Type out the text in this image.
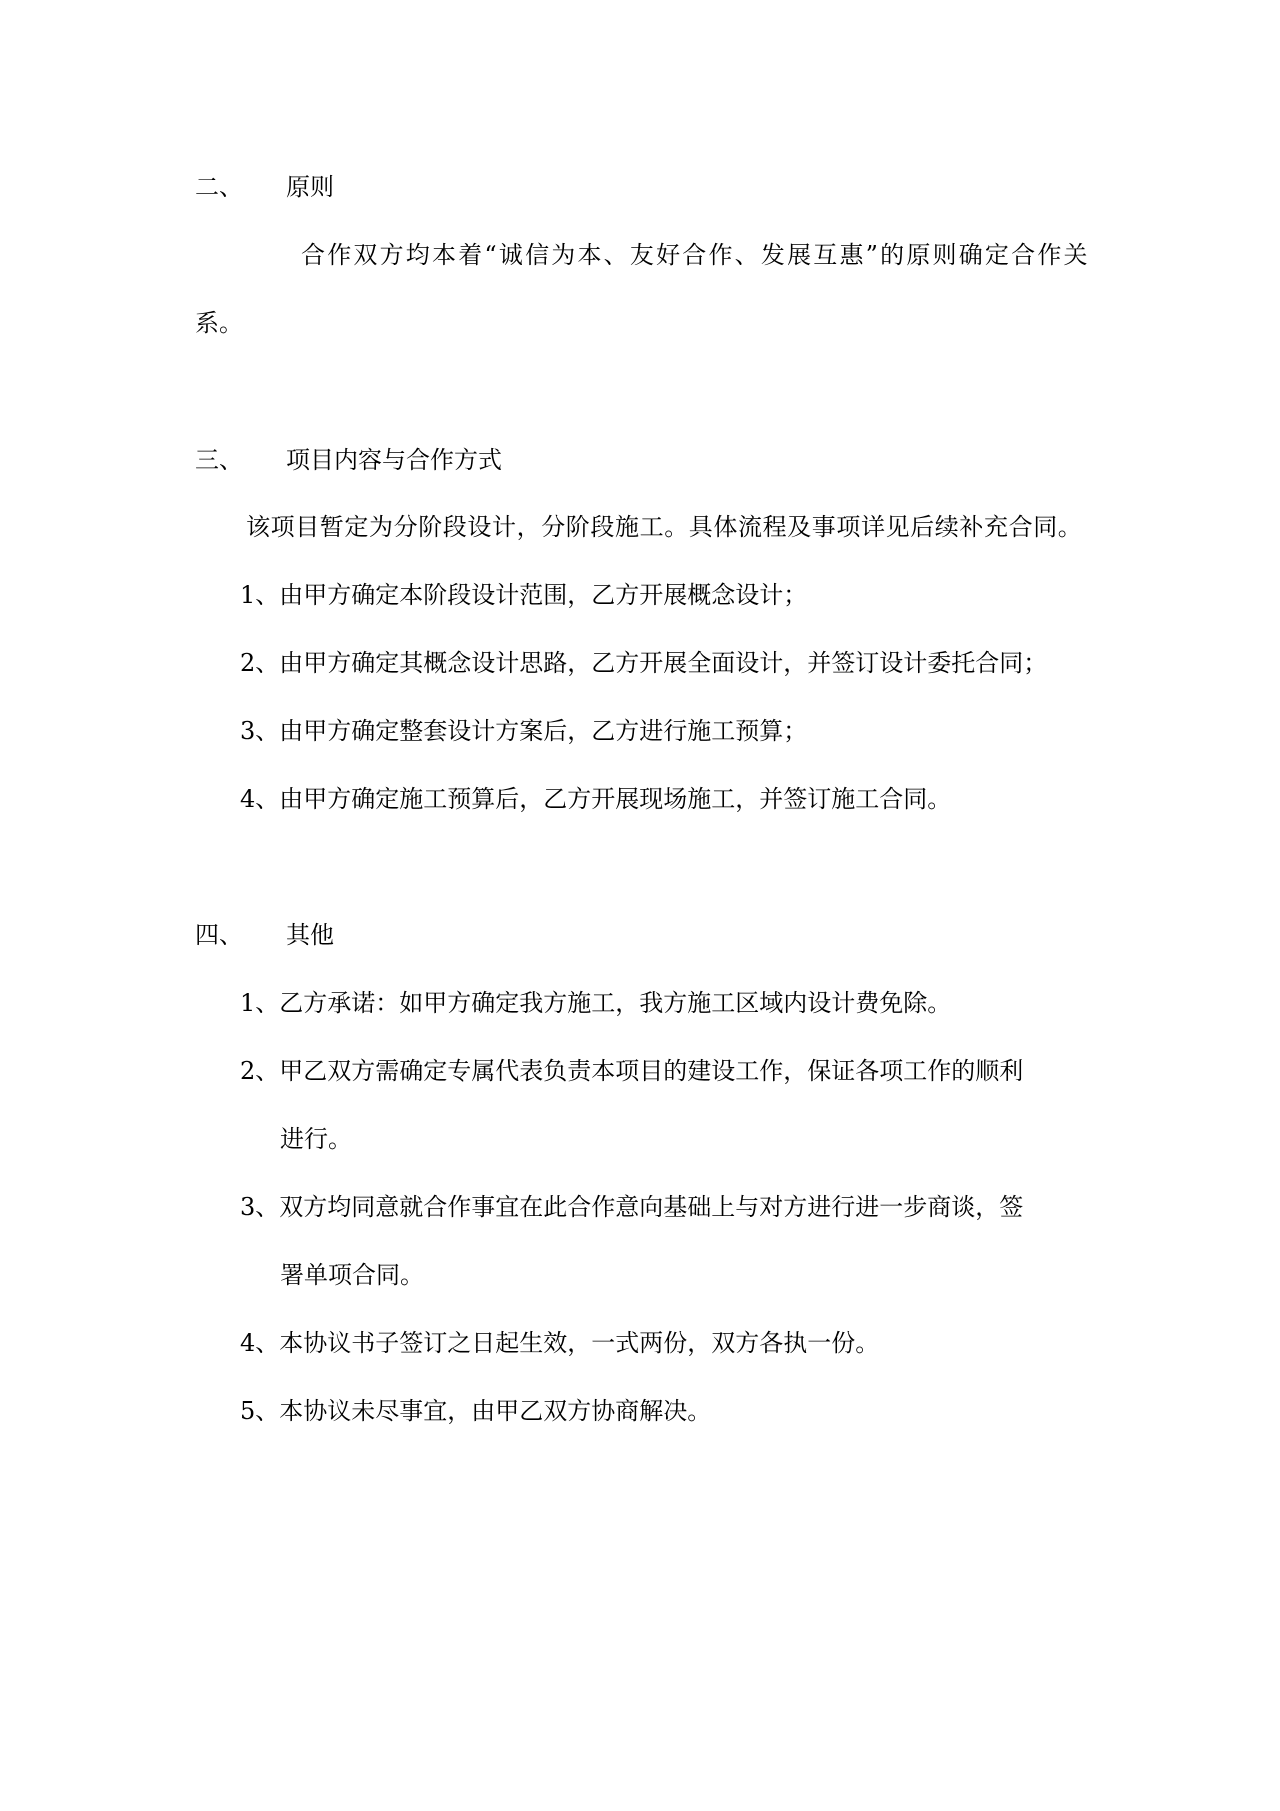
二、 原则
合作双方均本着“诚信为本、友好合作、发展互惠”的原则确定合作关
系。
三、 项目内容与合作方式
该项目暂定为分阶段设计，分阶段施工。具体流程及事项详见后续补充合同。
1、由甲方确定本阶段设计范围，乙方开展概念设计；
2、由甲方确定其概念设计思路，乙方开展全面设计，并签订设计委托合同；
3、由甲方确定整套设计方案后，乙方进行施工预算；
4、由甲方确定施工预算后，乙方开展现场施工，并签订施工合同。
四、 其他
1、乙方承诺：如甲方确定我方施工，我方施工区域内设计费免除。
2、甲乙双方需确定专属代表负责本项目的建设工作，保证各项工作的顺利
进行。
3、双方均同意就合作事宜在此合作意向基础上与对方进行进一步商谈，签
署单项合同。
4、本协议书子签订之日起生效，一式两份，双方各执一份。
5、本协议未尽事宜，由甲乙双方协商解决。
